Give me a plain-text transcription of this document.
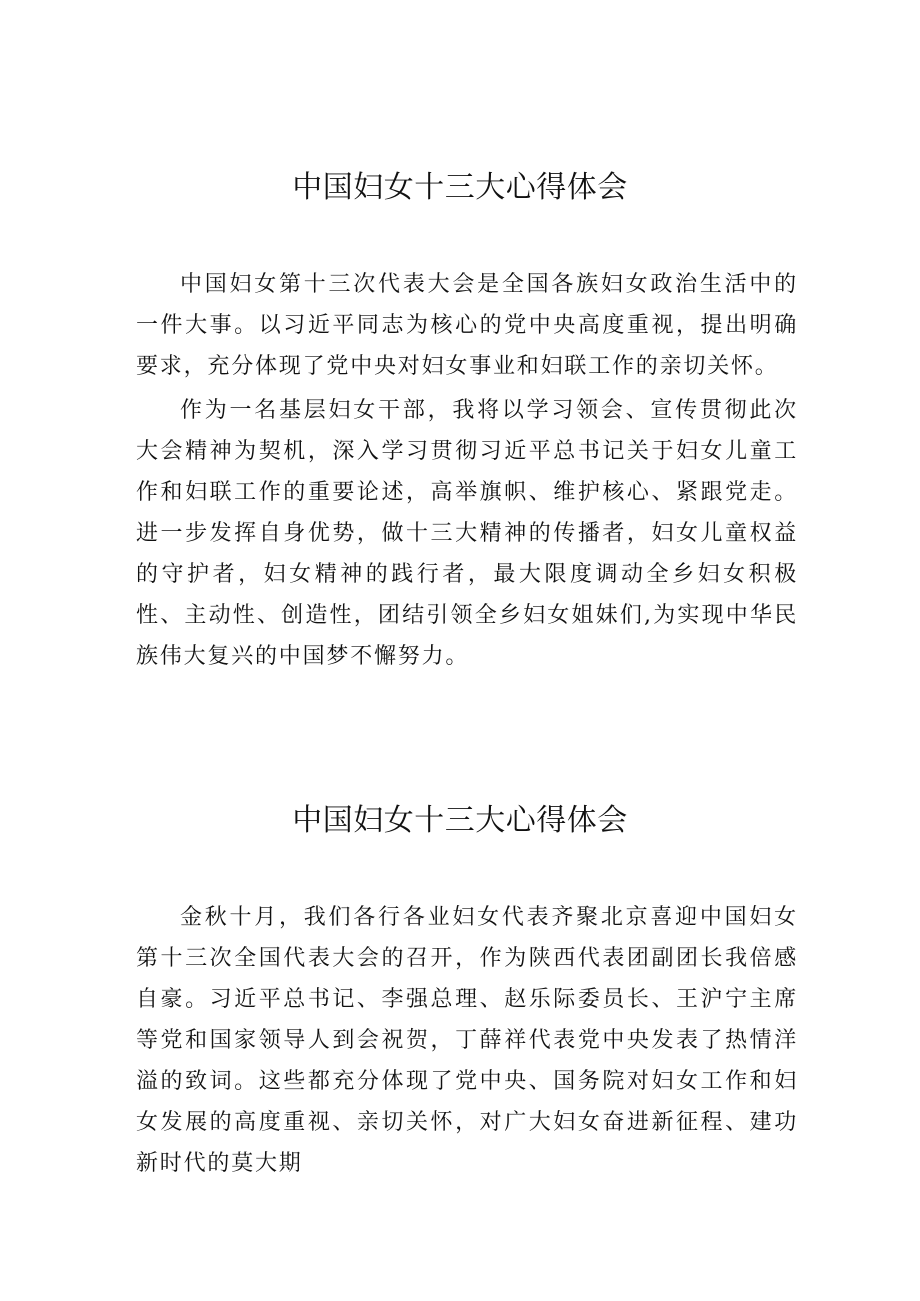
中国妇女十三大心得体会

中国妇女第十三次代表大会是全国各族妇女政治生活中的一件大事。以习近平同志为核心的党中央高度重视，提出明确要求，充分体现了党中央对妇女事业和妇联工作的亲切关怀。

作为一名基层妇女干部，我将以学习领会、宣传贯彻此次大会精神为契机，深入学习贯彻习近平总书记关于妇女儿童工作和妇联工作的重要论述，高举旗帜、维护核心、紧跟党走。进一步发挥自身优势，做十三大精神的传播者，妇女儿童权益的守护者，妇女精神的践行者，最大限度调动全乡妇女积极性、主动性、创造性，团结引领全乡妇女姐妹们,为实现中华民族伟大复兴的中国梦不懈努力。

中国妇女十三大心得体会

金秋十月，我们各行各业妇女代表齐聚北京喜迎中国妇女第十三次全国代表大会的召开，作为陕西代表团副团长我倍感自豪。习近平总书记、李强总理、赵乐际委员长、王沪宁主席等党和国家领导人到会祝贺，丁薛祥代表党中央发表了热情洋溢的致词。这些都充分体现了党中央、国务院对妇女工作和妇女发展的高度重视、亲切关怀，对广大妇女奋进新征程、建功新时代的莫大期
